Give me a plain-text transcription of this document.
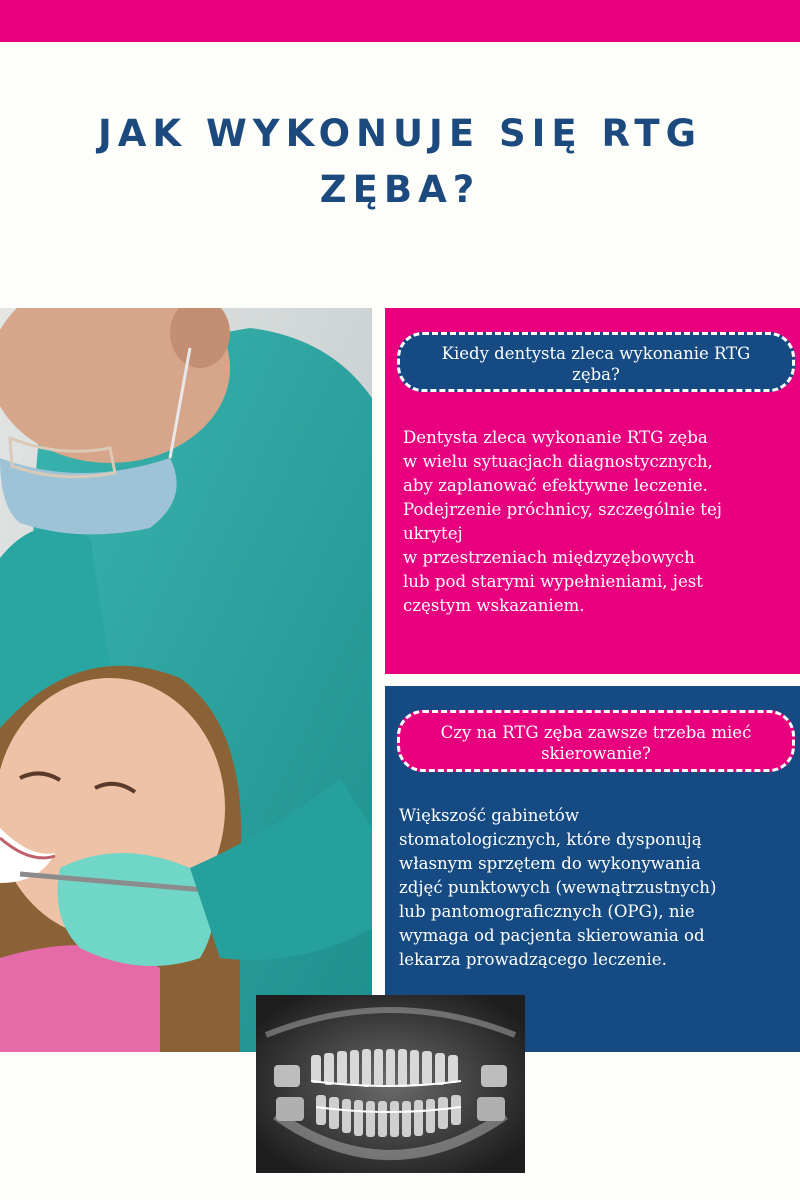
JAK WYKONUJE SIĘ RTG
ZĘBA?
Kiedy dentysta zleca wykonanie RTG
zęba?

Dentysta zleca wykonanie RTG zęba
w wielu sytuacjach diagnostycznych,
aby zaplanować efektywne leczenie.
Podejrzenie próchnicy, szczególnie tej
ukrytej
w przestrzeniach międzyzębowych
lub pod starymi wypełnieniami, jest
częstym wskazaniem.

Czy na RTG zęba zawsze trzeba mieć
skierowanie?

Większość gabinetów
stomatologicznych, które dysponują
własnym sprzętem do wykonywania
zdjęć punktowych (wewnątrzustnych)
lub pantomograficznych (OPG), nie
wymaga od pacjenta skierowania od
lekarza prowadzącego leczenie.
